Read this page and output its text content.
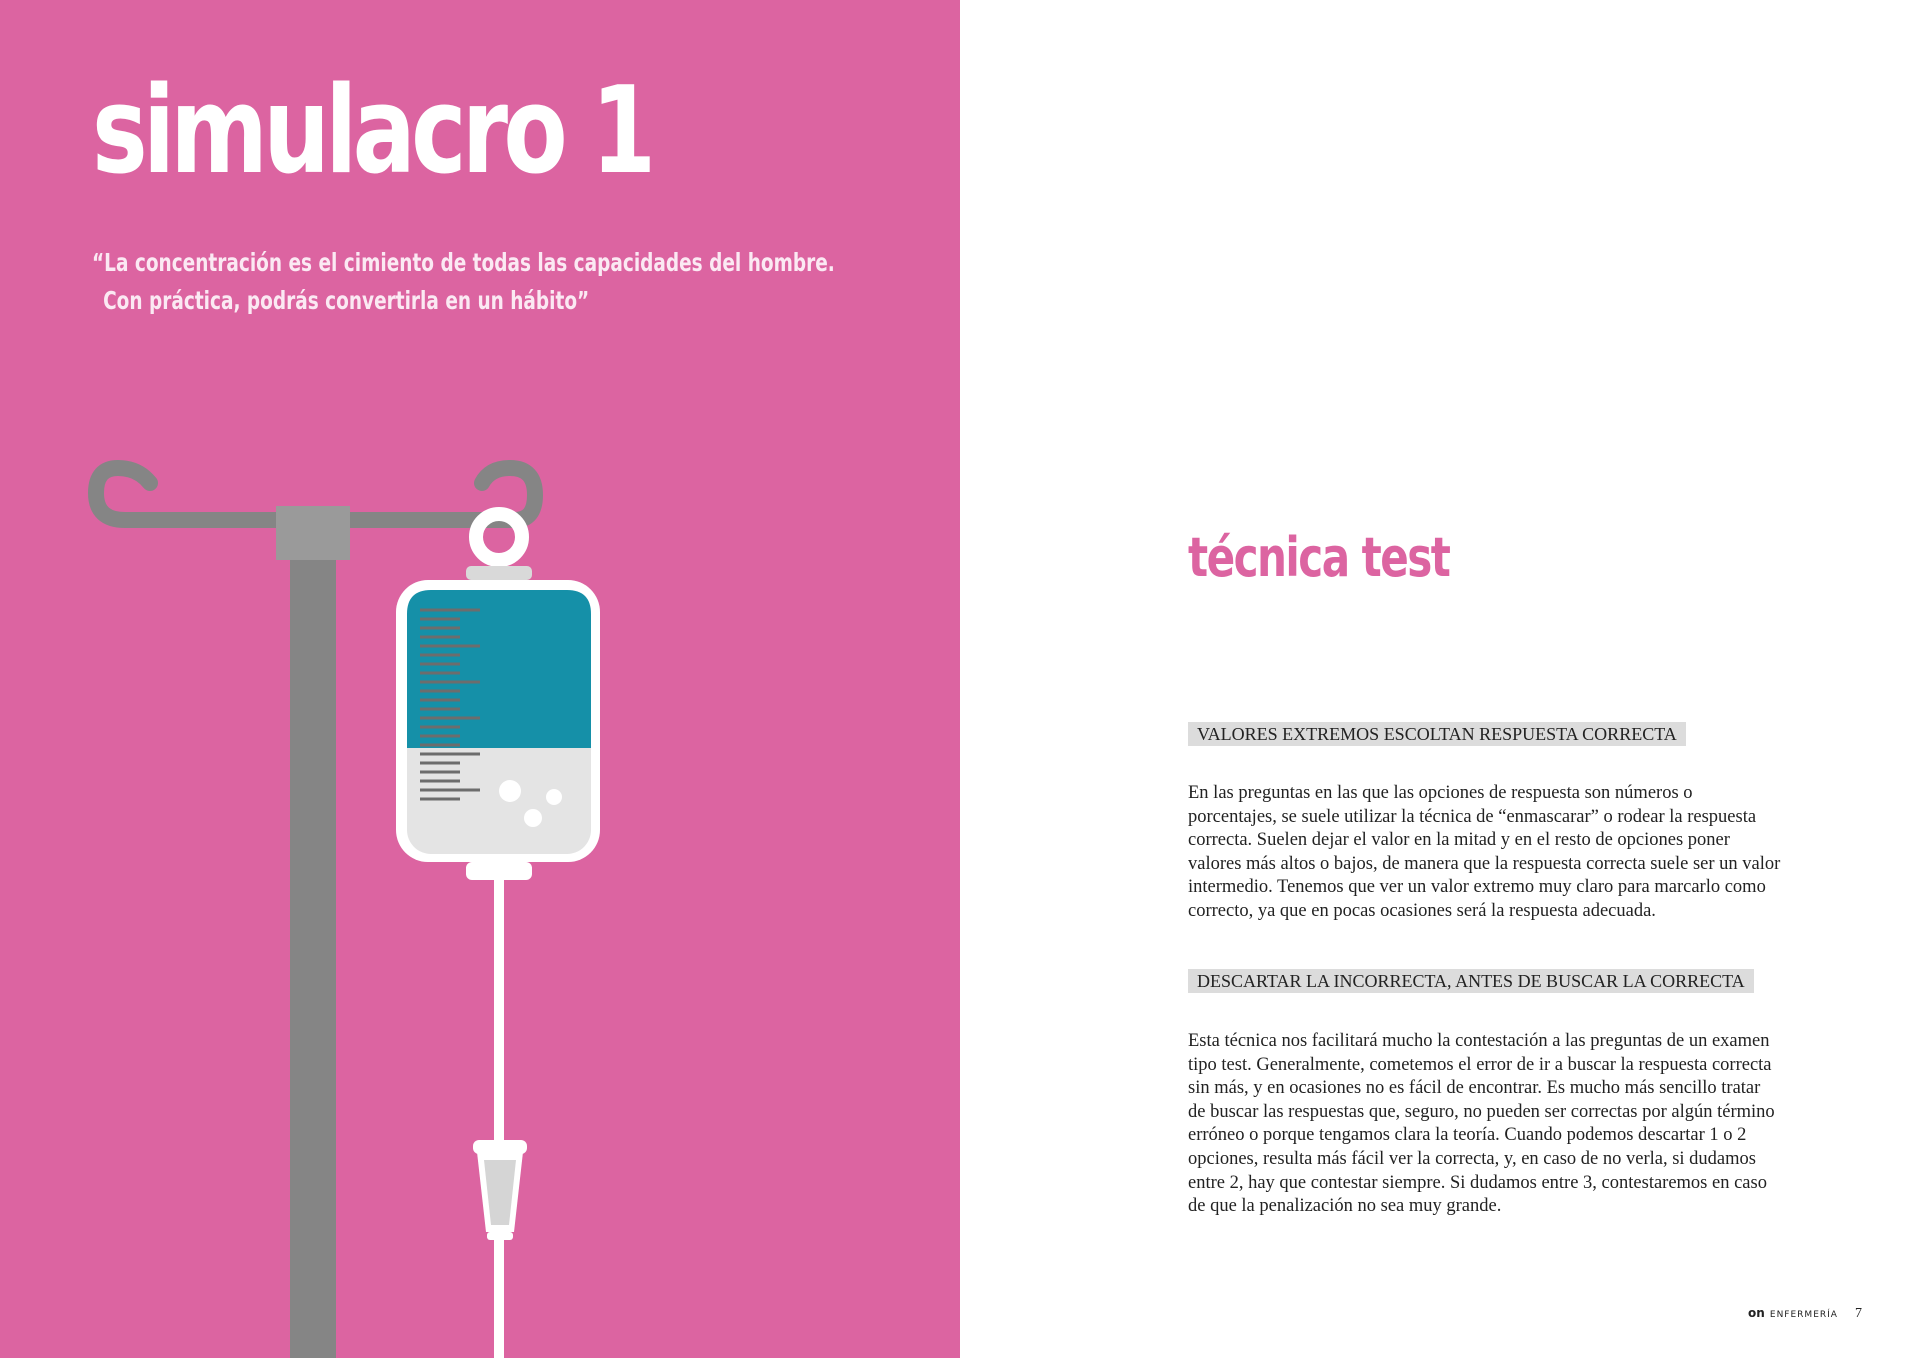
simulacro 1

“La concentración es el cimiento de todas las capacidades del hombre.
Con práctica, podrás convertirla en un hábito”

técnica test
VALORES EXTREMOS ESCOLTAN RESPUESTA CORRECTA

En las preguntas en las que las opciones de respuesta son números o
porcentajes, se suele utilizar la técnica de “enmascarar” o rodear la respuesta
correcta. Suelen dejar el valor en la mitad y en el resto de opciones poner
valores más altos o bajos, de manera que la respuesta correcta suele ser un valor
intermedio. Tenemos que ver un valor extremo muy claro para marcarlo como
correcto, ya que en pocas ocasiones será la respuesta adecuada.

DESCARTAR LA INCORRECTA, ANTES DE BUSCAR LA CORRECTA

Esta técnica nos facilitará mucho la contestación a las preguntas de un examen
tipo test. Generalmente, cometemos el error de ir a buscar la respuesta correcta
sin más, y en ocasiones no es fácil de encontrar. Es mucho más sencillo tratar
de buscar las respuestas que, seguro, no pueden ser correctas por algún término
erróneo o porque tengamos clara la teoría. Cuando podemos descartar 1 o 2
opciones, resulta más fácil ver la correcta, y, en caso de no verla, si dudamos
entre 2, hay que contestar siempre. Si dudamos entre 3, contestaremos en caso
de que la penalización no sea muy grande.

on ENFERMERÍA 7
